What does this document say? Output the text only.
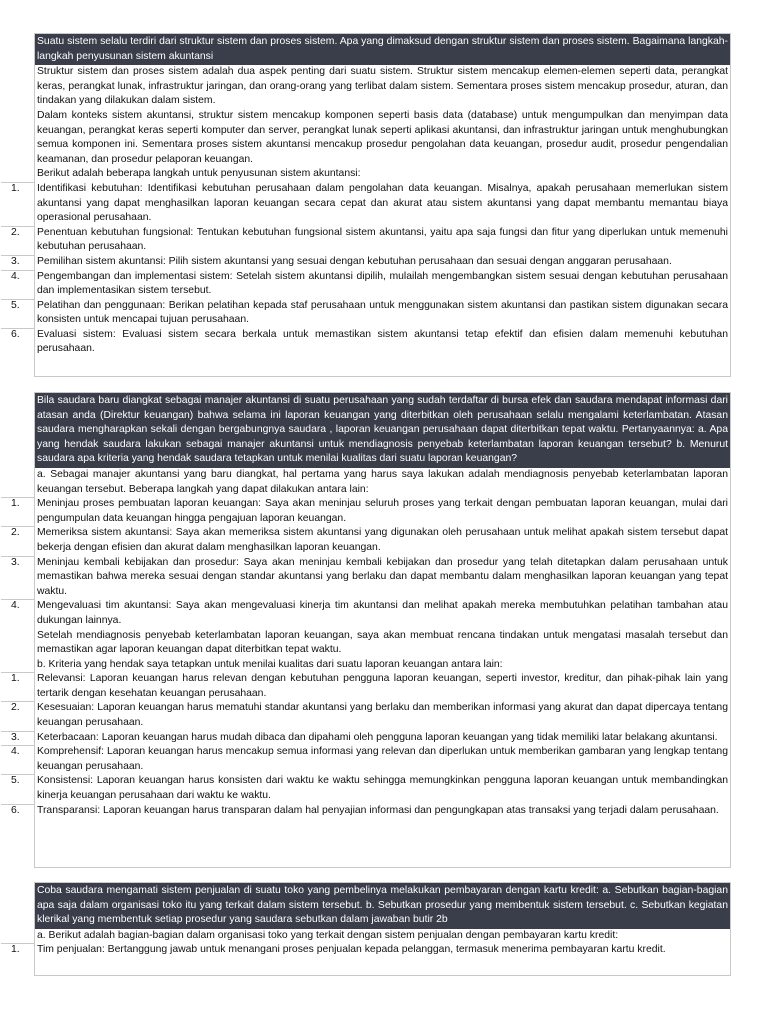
Suatu sistem selalu terdiri dari struktur sistem dan proses sistem. Apa yang dimaksud dengan struktur sistem dan proses sistem. Bagaimana langkah-langkah penyusunan sistem akuntansi
Struktur sistem dan proses sistem adalah dua aspek penting dari suatu sistem. Struktur sistem mencakup elemen-elemen seperti data, perangkat keras, perangkat lunak, infrastruktur jaringan, dan orang-orang yang terlibat dalam sistem. Sementara proses sistem mencakup prosedur, aturan, dan tindakan yang dilakukan dalam sistem.
Dalam konteks sistem akuntansi, struktur sistem mencakup komponen seperti basis data (database) untuk mengumpulkan dan menyimpan data keuangan, perangkat keras seperti komputer dan server, perangkat lunak seperti aplikasi akuntansi, dan infrastruktur jaringan untuk menghubungkan semua komponen ini. Sementara proses sistem akuntansi mencakup prosedur pengolahan data keuangan, prosedur audit, prosedur pengendalian keamanan, dan prosedur pelaporan keuangan.
Berikut adalah beberapa langkah untuk penyusunan sistem akuntansi:
1.	Identifikasi kebutuhan: Identifikasi kebutuhan perusahaan dalam pengolahan data keuangan. Misalnya, apakah perusahaan memerlukan sistem akuntansi yang dapat menghasilkan laporan keuangan secara cepat dan akurat atau sistem akuntansi yang dapat membantu memantau biaya operasional perusahaan.
2.	Penentuan kebutuhan fungsional: Tentukan kebutuhan fungsional sistem akuntansi, yaitu apa saja fungsi dan fitur yang diperlukan untuk memenuhi kebutuhan perusahaan.
3.	Pemilihan sistem akuntansi: Pilih sistem akuntansi yang sesuai dengan kebutuhan perusahaan dan sesuai dengan anggaran perusahaan.
4.	Pengembangan dan implementasi sistem: Setelah sistem akuntansi dipilih, mulailah mengembangkan sistem sesuai dengan kebutuhan perusahaan dan implementasikan sistem tersebut.
5.	Pelatihan dan penggunaan: Berikan pelatihan kepada staf perusahaan untuk menggunakan sistem akuntansi dan pastikan sistem digunakan secara konsisten untuk mencapai tujuan perusahaan.
6.	Evaluasi sistem: Evaluasi sistem secara berkala untuk memastikan sistem akuntansi tetap efektif dan efisien dalam memenuhi kebutuhan perusahaan.
Bila saudara baru diangkat sebagai manajer akuntansi di suatu perusahaan yang sudah terdaftar di bursa efek dan saudara mendapat informasi dari atasan anda (Direktur keuangan) bahwa selama ini laporan keuangan yang diterbitkan oleh perusahaan selalu mengalami keterlambatan. Atasan saudara mengharapkan sekali dengan bergabungnya saudara , laporan keuangan perusahaan dapat diterbitkan tepat waktu. Pertanyaannya: a. Apa yang hendak saudara lakukan sebagai manajer akuntansi untuk mendiagnosis penyebab keterlambatan laporan keuangan tersebut? b. Menurut saudara apa kriteria yang hendak saudara tetapkan untuk menilai kualitas dari suatu laporan keuangan?
a. Sebagai manajer akuntansi yang baru diangkat, hal pertama yang harus saya lakukan adalah mendiagnosis penyebab keterlambatan laporan keuangan tersebut. Beberapa langkah yang dapat dilakukan antara lain:
1.	Meninjau proses pembuatan laporan keuangan: Saya akan meninjau seluruh proses yang terkait dengan pembuatan laporan keuangan, mulai dari pengumpulan data keuangan hingga pengajuan laporan keuangan.
2.	Memeriksa sistem akuntansi: Saya akan memeriksa sistem akuntansi yang digunakan oleh perusahaan untuk melihat apakah sistem tersebut dapat bekerja dengan efisien dan akurat dalam menghasilkan laporan keuangan.
3.	Meninjau kembali kebijakan dan prosedur: Saya akan meninjau kembali kebijakan dan prosedur yang telah ditetapkan dalam perusahaan untuk memastikan bahwa mereka sesuai dengan standar akuntansi yang berlaku dan dapat membantu dalam menghasilkan laporan keuangan yang tepat waktu.
4.	Mengevaluasi tim akuntansi: Saya akan mengevaluasi kinerja tim akuntansi dan melihat apakah mereka membutuhkan pelatihan tambahan atau dukungan lainnya.
Setelah mendiagnosis penyebab keterlambatan laporan keuangan, saya akan membuat rencana tindakan untuk mengatasi masalah tersebut dan memastikan agar laporan keuangan dapat diterbitkan tepat waktu.
b. Kriteria yang hendak saya tetapkan untuk menilai kualitas dari suatu laporan keuangan antara lain:
1.	Relevansi: Laporan keuangan harus relevan dengan kebutuhan pengguna laporan keuangan, seperti investor, kreditur, dan pihak-pihak lain yang tertarik dengan kesehatan keuangan perusahaan.
2.	Kesesuaian: Laporan keuangan harus mematuhi standar akuntansi yang berlaku dan memberikan informasi yang akurat dan dapat dipercaya tentang keuangan perusahaan.
3.	Keterbacaan: Laporan keuangan harus mudah dibaca dan dipahami oleh pengguna laporan keuangan yang tidak memiliki latar belakang akuntansi.
4.	Komprehensif: Laporan keuangan harus mencakup semua informasi yang relevan dan diperlukan untuk memberikan gambaran yang lengkap tentang keuangan perusahaan.
5.	Konsistensi: Laporan keuangan harus konsisten dari waktu ke waktu sehingga memungkinkan pengguna laporan keuangan untuk membandingkan kinerja keuangan perusahaan dari waktu ke waktu.
6.	Transparansi: Laporan keuangan harus transparan dalam hal penyajian informasi dan pengungkapan atas transaksi yang terjadi dalam perusahaan.
Coba saudara mengamati sistem penjualan di suatu toko yang pembelinya melakukan pembayaran dengan kartu kredit: a. Sebutkan bagian-bagian apa saja dalam organisasi toko itu yang terkait dalam sistem tersebut. b. Sebutkan prosedur yang membentuk sistem tersebut. c. Sebutkan kegiatan klerikal yang membentuk setiap prosedur yang saudara sebutkan dalam jawaban butir 2b
a. Berikut adalah bagian-bagian dalam organisasi toko yang terkait dengan sistem penjualan dengan pembayaran kartu kredit:
1.	Tim penjualan: Bertanggung jawab untuk menangani proses penjualan kepada pelanggan, termasuk menerima pembayaran kartu kredit.
